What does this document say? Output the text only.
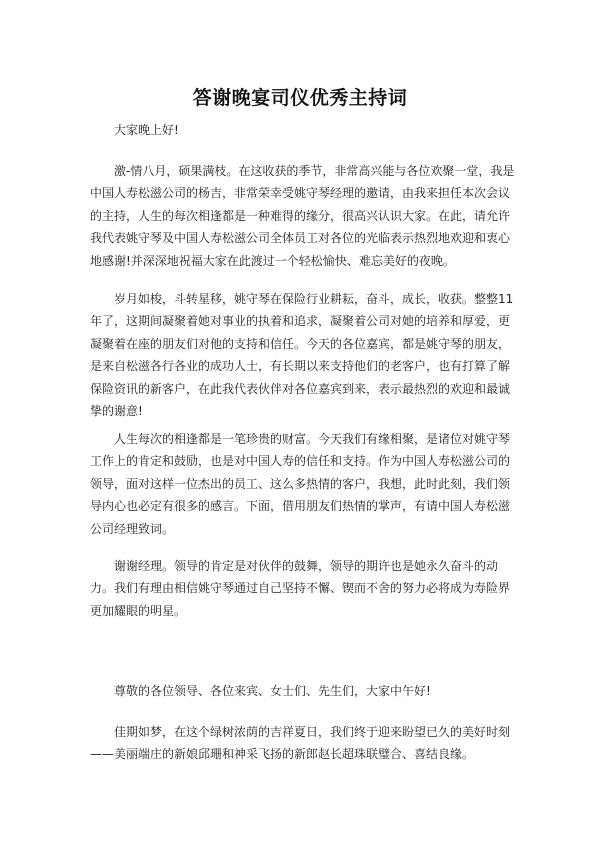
答谢晚宴司仪优秀主持词

大家晚上好!

激-情八月，硕果满枝。在这收获的季节，非常高兴能与各位欢聚一堂，我是中国人寿松滋公司的杨吉，非常荣幸受姚守琴经理的邀请，由我来担任本次会议的主持，人生的每次相逢都是一种难得的缘分，很高兴认识大家。在此，请允许我代表姚守琴及中国人寿松滋公司全体员工对各位的光临表示热烈地欢迎和衷心地感谢!并深深地祝福大家在此渡过一个轻松愉快、难忘美好的夜晚。

岁月如梭，斗转星移，姚守琴在保险行业耕耘，奋斗，成长，收获。整整11年了，这期间凝聚着她对事业的执着和追求，凝聚着公司对她的培养和厚爱，更凝聚着在座的朋友们对他的支持和信任。今天的各位嘉宾，都是姚守琴的朋友，是来自松滋各行各业的成功人士，有长期以来支持他们的老客户，也有打算了解保险资讯的新客户，在此我代表伙伴对各位嘉宾到来，表示最热烈的欢迎和最诚挚的谢意!

人生每次的相逢都是一笔珍贵的财富。今天我们有缘相聚，是诸位对姚守琴工作上的肯定和鼓励，也是对中国人寿的信任和支持。作为中国人寿松滋公司的领导，面对这样一位杰出的员工、这么多热情的客户，我想，此时此刻，我们领导内心也必定有很多的感言。下面，借用朋友们热情的掌声，有请中国人寿松滋公司经理致词。

谢谢经理。领导的肯定是对伙伴的鼓舞，领导的期许也是她永久奋斗的动力。我们有理由相信姚守琴通过自己坚持不懈、锲而不舍的努力必将成为寿险界更加耀眼的明星。

尊敬的各位领导、各位来宾、女士们、先生们，大家中午好!

佳期如梦，在这个绿树浓荫的吉祥夏日，我们终于迎来盼望已久的美好时刻——美丽端庄的新娘邱珊和神采飞扬的新郎赵长超珠联璧合、喜结良缘。
